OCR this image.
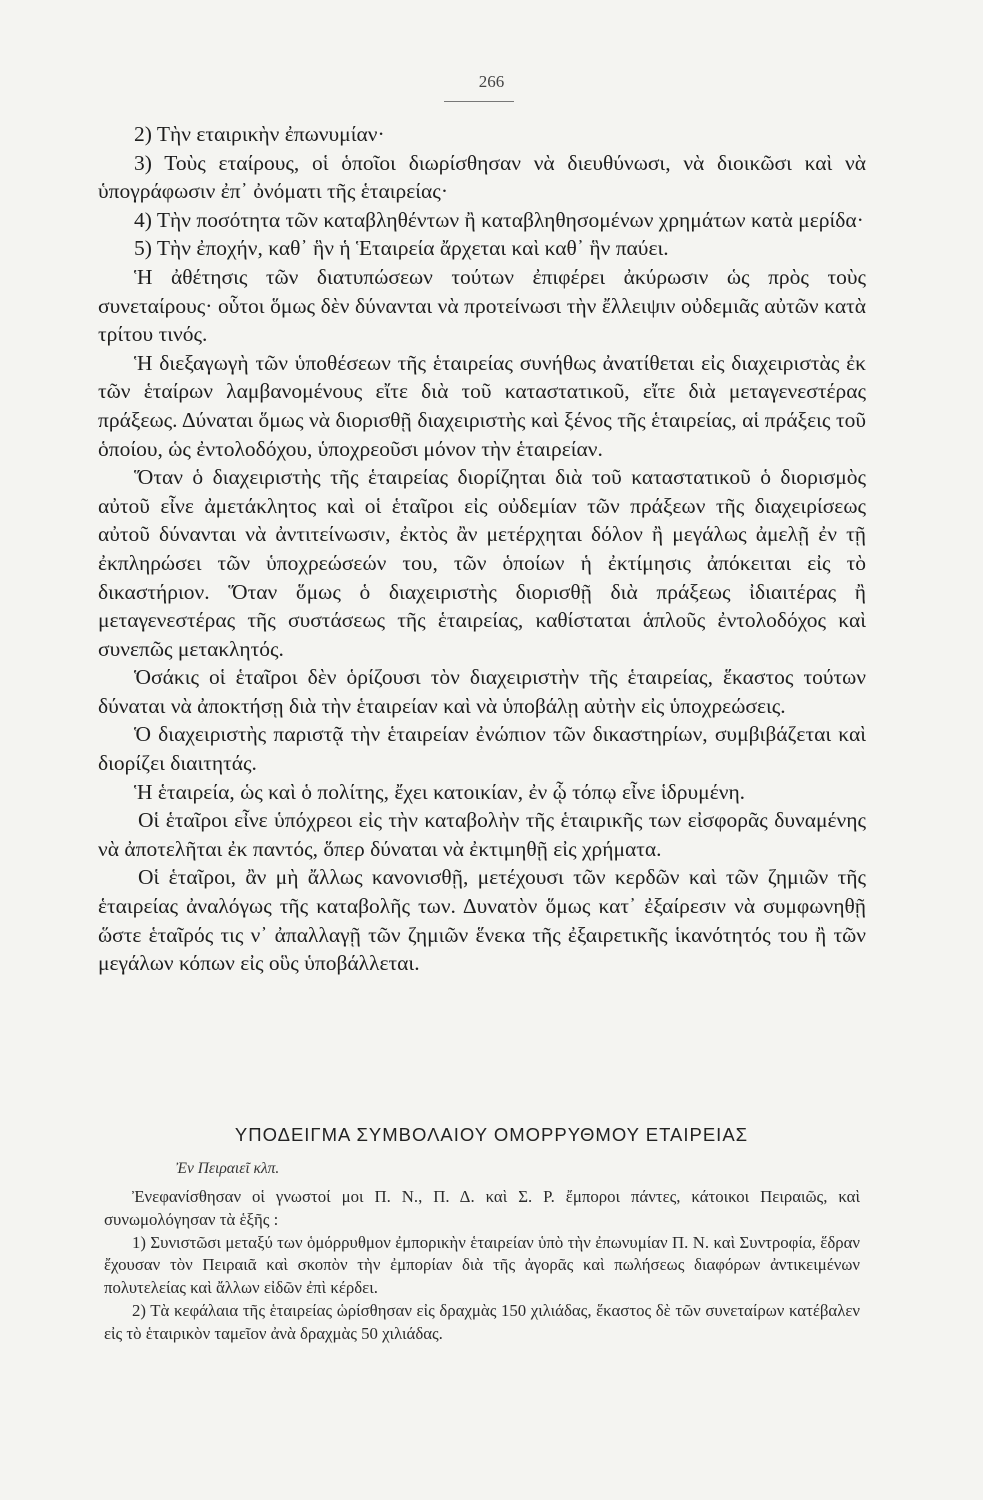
266

2) Τὴν εταιρικὴν ἐπωνυμίαν·

3) Τοὺς εταίρους, οἱ ὁποῖοι διωρίσθησαν νὰ διευθύνωσι, νὰ διοικῶσι καὶ νὰ ὑπογράφωσιν ἐπ᾽ ὀνόματι τῆς ἑταιρείας·

4) Τὴν ποσότητα τῶν καταβληθέντων ἢ καταβληθησομένων χρημάτων κατὰ μερίδα·

5) Τὴν ἐποχήν, καθ᾽ ἣν ἡ Ἑταιρεία ἄρχεται καὶ καθ᾽ ἣν παύει.

Ἡ ἀθέτησις τῶν διατυπώσεων τούτων ἐπιφέρει ἀκύρωσιν ὡς πρὸς τοὺς συνεταίρους· οὗτοι ὅμως δὲν δύνανται νὰ προτείνωσι τὴν ἔλλειψιν οὐδεμιᾶς αὐτῶν κατὰ τρίτου τινός.

Ἡ διεξαγωγὴ τῶν ὑποθέσεων τῆς ἑταιρείας συνήθως ἀνατίθεται εἰς διαχειριστὰς ἐκ τῶν ἑταίρων λαμβανομένους εἴτε διὰ τοῦ καταστατικοῦ, εἴτε διὰ μεταγενεστέρας πράξεως. Δύναται ὅμως νὰ διορισθῇ διαχειριστὴς καὶ ξένος τῆς ἑταιρείας, αἱ πράξεις τοῦ ὁποίου, ὡς ἐντολοδόχου, ὑποχρεοῦσι μόνον τὴν ἑταιρείαν.

Ὅταν ὁ διαχειριστὴς τῆς ἑταιρείας διορίζηται διὰ τοῦ καταστατικοῦ ὁ διορισμὸς αὐτοῦ εἶνε ἀμετάκλητος καὶ οἱ ἑταῖροι εἰς οὐδεμίαν τῶν πράξεων τῆς διαχειρίσεως αὐτοῦ δύνανται νὰ ἀντιτείνωσιν, ἐκτὸς ἂν μετέρχηται δόλον ἢ μεγάλως ἀμελῇ ἐν τῇ ἐκπληρώσει τῶν ὑποχρεώσεών του, τῶν ὁποίων ἡ ἐκτίμησις ἀπόκειται εἰς τὸ δικαστήριον. Ὅταν ὅμως ὁ διαχειριστὴς διορισθῇ διὰ πράξεως ἰδιαιτέρας ἢ μεταγενεστέρας τῆς συστάσεως τῆς ἑταιρείας, καθίσταται ἁπλοῦς ἐντολοδόχος καὶ συνεπῶς μετακλητός.

Ὁσάκις οἱ ἑταῖροι δὲν ὁρίζουσι τὸν διαχειριστὴν τῆς ἑταιρείας, ἕκαστος τούτων δύναται νὰ ἀποκτήσῃ διὰ τὴν ἑταιρείαν καὶ νὰ ὑποβάλῃ αὐτὴν εἰς ὑποχρεώσεις.

Ὁ διαχειριστὴς παριστᾷ τὴν ἑταιρείαν ἐνώπιον τῶν δικαστηρίων, συμβιβάζεται καὶ διορίζει διαιτητάς.

Ἡ ἑταιρεία, ὡς καὶ ὁ πολίτης, ἔχει κατοικίαν, ἐν ᾧ τόπῳ εἶνε ἱδρυμένη.

Οἱ ἑταῖροι εἶνε ὑπόχρεοι εἰς τὴν καταβολὴν τῆς ἑταιρικῆς των εἰσφορᾶς δυναμένης νὰ ἀποτελῆται ἐκ παντός, ὅπερ δύναται νὰ ἐκτιμηθῇ εἰς χρήματα.

Οἱ ἑταῖροι, ἂν μὴ ἄλλως κανονισθῇ, μετέχουσι τῶν κερδῶν καὶ τῶν ζημιῶν τῆς ἑταιρείας ἀναλόγως τῆς καταβολῆς των. Δυνατὸν ὅμως κατ᾽ ἐξαίρεσιν νὰ συμφωνηθῇ ὥστε ἑταῖρός τις ν᾽ ἀπαλλαγῇ τῶν ζημιῶν ἕνεκα τῆς ἐξαιρετικῆς ἱκανότητός του ἢ τῶν μεγάλων κόπων εἰς οὓς ὑποβάλλεται.

ΥΠΟΔΕΙΓΜΑ ΣΥΜΒΟΛΑΙΟΥ ΟΜΟΡΡΥΘΜΟΥ ΕΤΑΙΡΕΙΑΣ
Ἐν Πειραιεῖ κλπ.

Ἐνεφανίσθησαν οἱ γνωστοί μοι Π. Ν., Π. Δ. καὶ Σ. Ρ. ἔμποροι πάντες, κάτοικοι Πειραιῶς, καὶ συνωμολόγησαν τὰ ἑξῆς :

1) Συνιστῶσι μεταξύ των ὁμόρρυθμον ἐμπορικὴν ἑταιρείαν ὑπὸ τὴν ἐπωνυμίαν Π. Ν. καὶ Συντροφία, ἕδραν ἔχουσαν τὸν Πειραιᾶ καὶ σκοπὸν τὴν ἐμπορίαν διὰ τῆς ἀγορᾶς καὶ πωλήσεως διαφόρων ἀντικειμένων πολυτελείας καὶ ἄλλων εἰδῶν ἐπὶ κέρδει.

2) Τὰ κεφάλαια τῆς ἑταιρείας ὡρίσθησαν εἰς δραχμὰς 150 χιλιάδας, ἕκαστος δὲ τῶν συνεταίρων κατέβαλεν εἰς τὸ ἑταιρικὸν ταμεῖον ἀνὰ δραχμὰς 50 χιλιάδας.
